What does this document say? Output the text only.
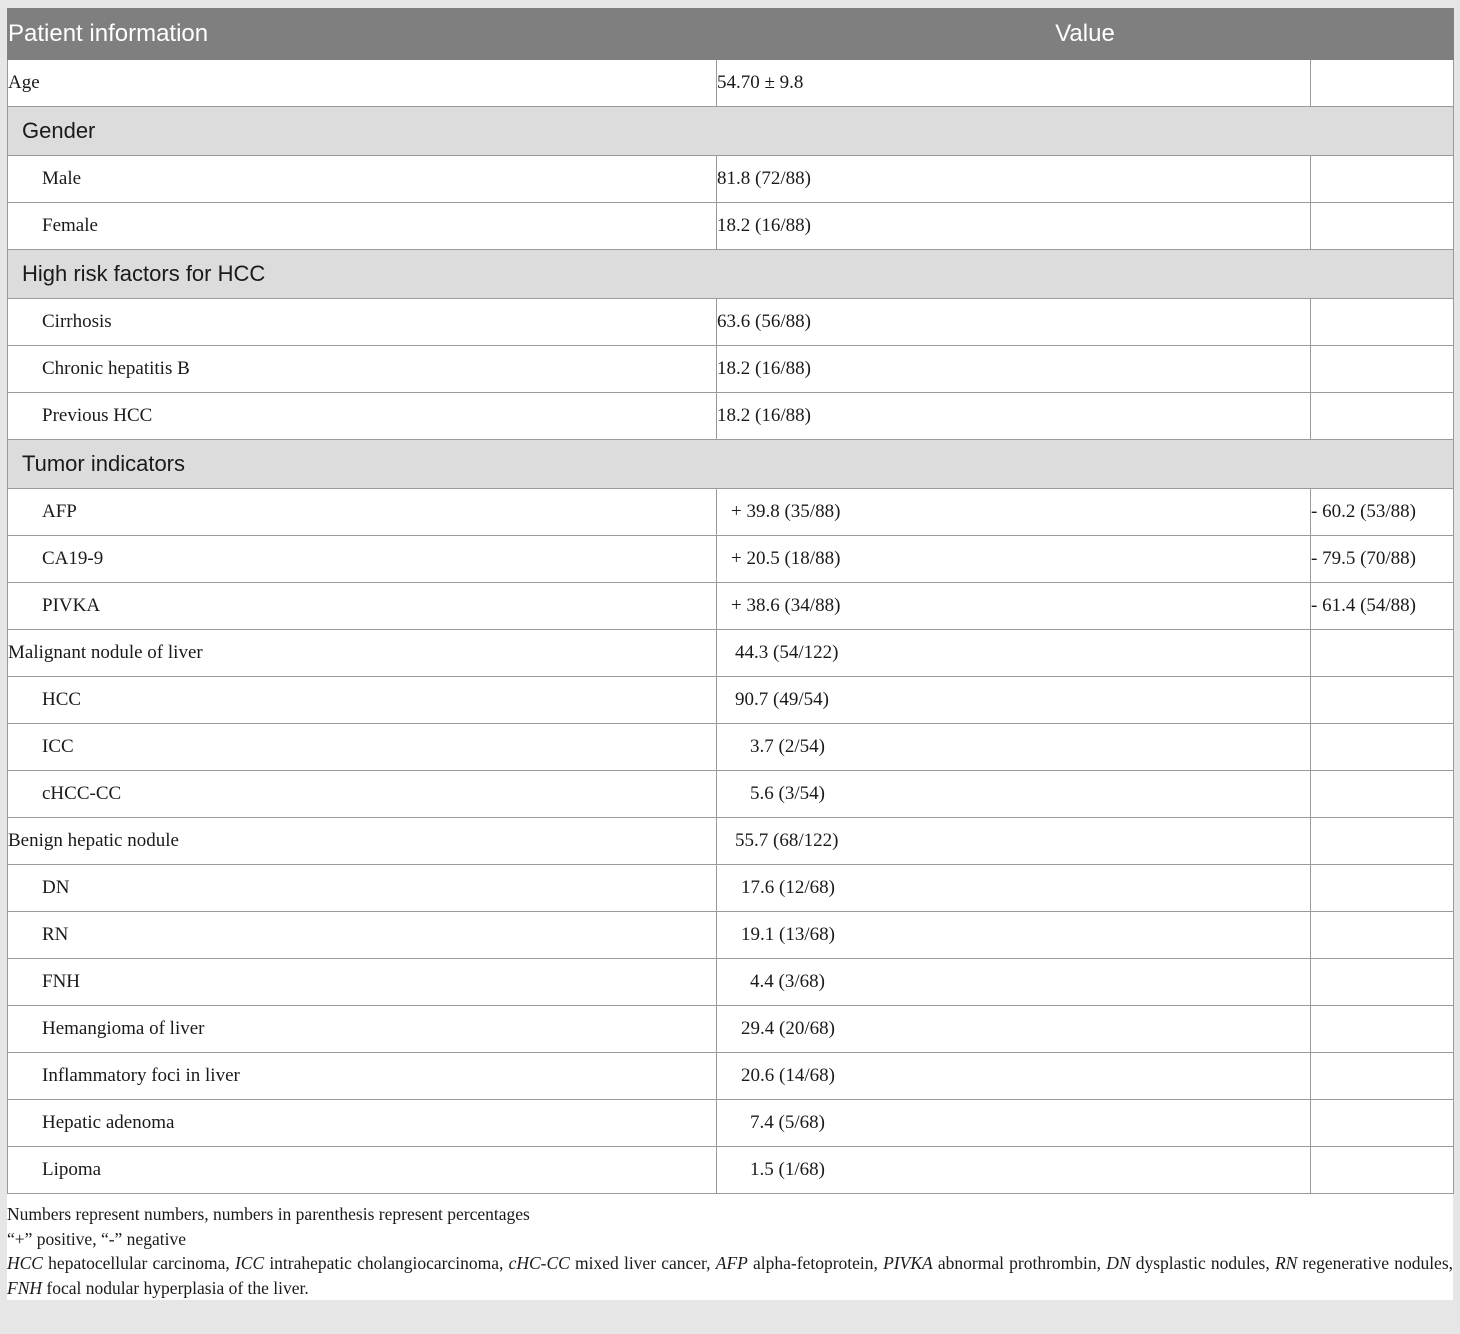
Patient information	Value	
Age	54.70 ± 9.8	
Gender		
Male	81.8 (72/88)	
Female	18.2 (16/88)	
High risk factors for HCC		
Cirrhosis	63.6 (56/88)	
Chronic hepatitis B	18.2 (16/88)	
Previous HCC	18.2 (16/88)	
Tumor indicators		
AFP	+ 39.8 (35/88)	- 60.2 (53/88)
CA19-9	+ 20.5 (18/88)	- 79.5 (70/88)
PIVKA	+ 38.6 (34/88)	- 61.4 (54/88)
Malignant nodule of liver	44.3 (54/122)	
HCC	90.7 (49/54)	
ICC	3.7 (2/54)	
cHCC-CC	5.6 (3/54)	
Benign hepatic nodule	55.7 (68/122)	
DN	17.6 (12/68)	
RN	19.1 (13/68)	
FNH	4.4 (3/68)	
Hemangioma of liver	29.4 (20/68)	
Inflammatory foci in liver	20.6 (14/68)	
Hepatic adenoma	7.4 (5/68)	
Lipoma	1.5 (1/68)	
Numbers represent numbers, numbers in parenthesis represent percentages
“+” positive, “-” negative
HCC hepatocellular carcinoma, ICC intrahepatic cholangiocarcinoma, cHC-CC mixed liver cancer, AFP alpha-fetoprotein, PIVKA abnormal prothrombin, DN dysplastic nodules, RN regenerative nodules, FNH focal nodular hyperplasia of the liver.
